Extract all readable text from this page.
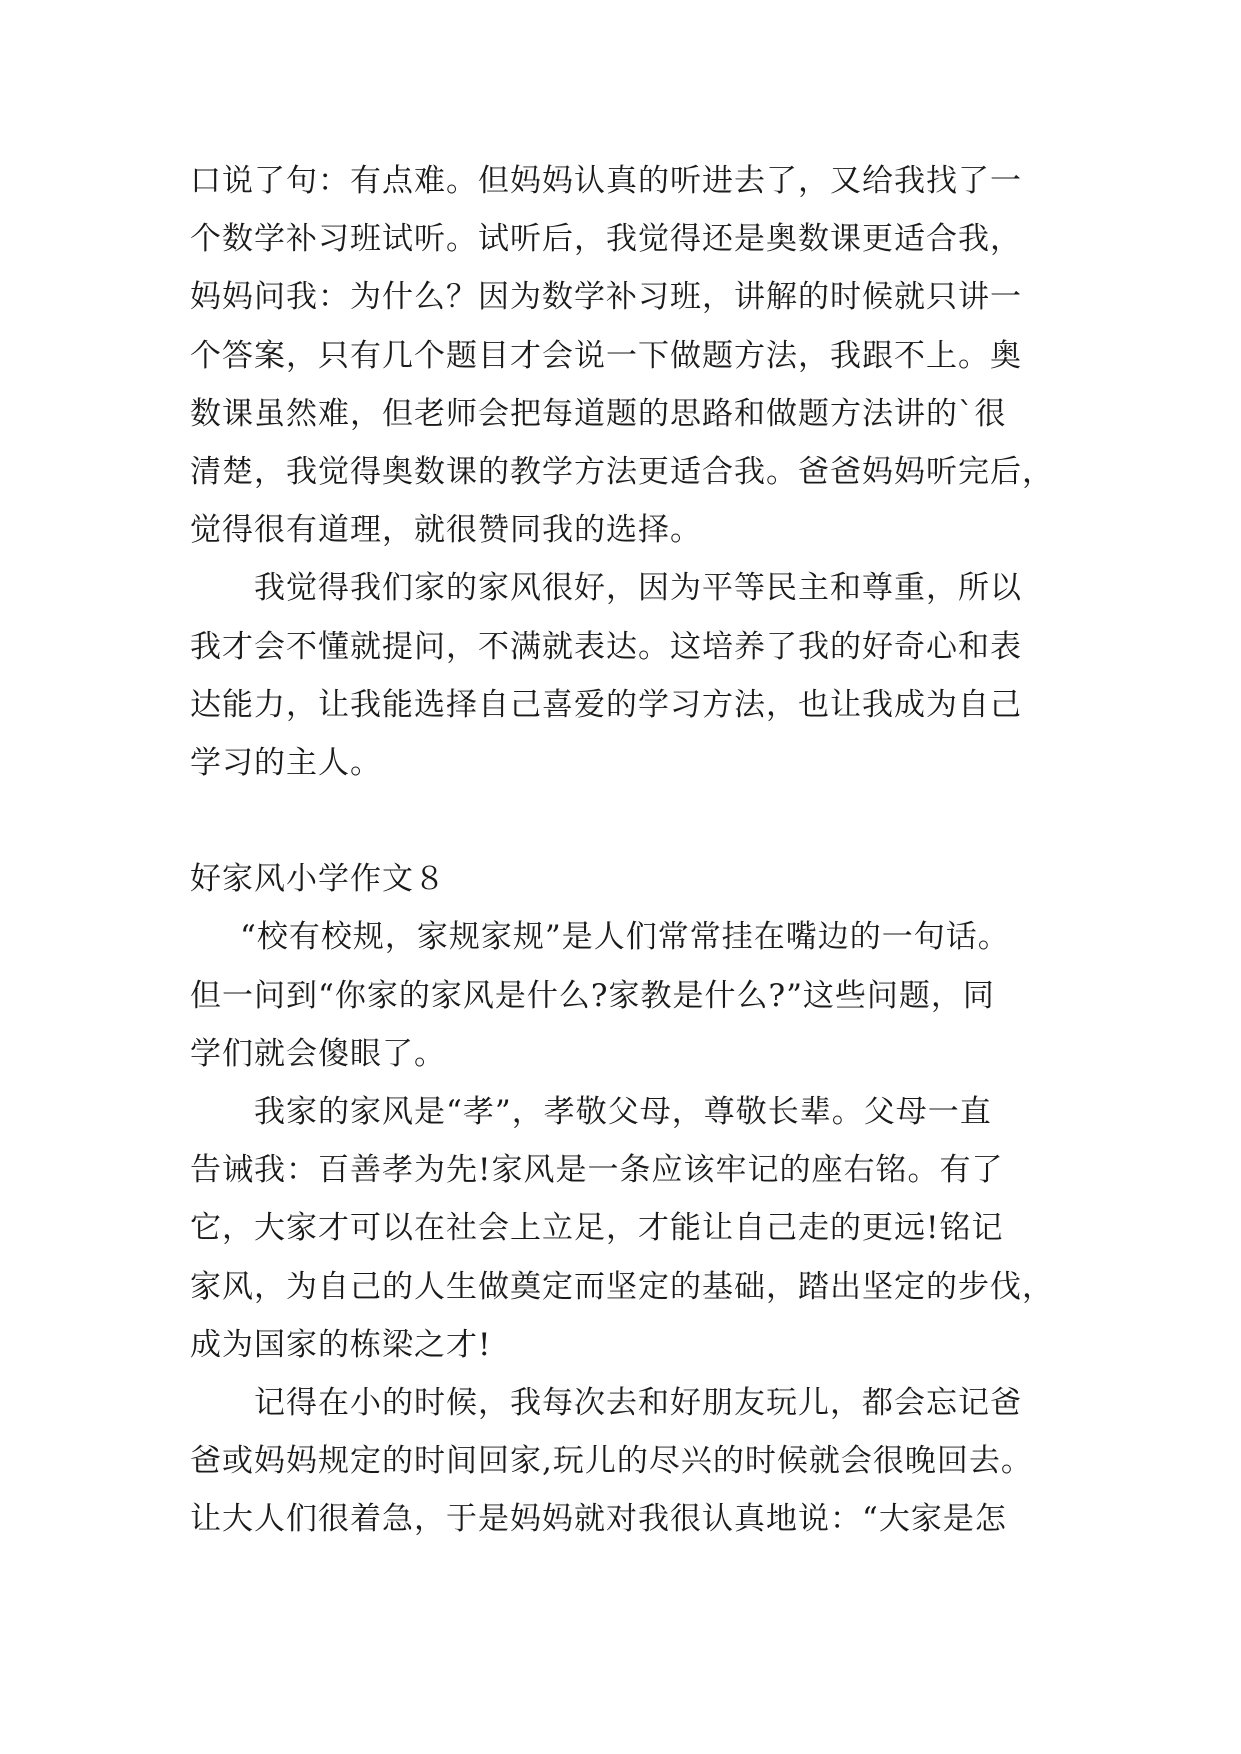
口说了句：有点难。但妈妈认真的听进去了，又给我找了一
个数学补习班试听。试听后，我觉得还是奥数课更适合我，
妈妈问我：为什么？因为数学补习班，讲解的时候就只讲一
个答案，只有几个题目才会说一下做题方法，我跟不上。奥
数课虽然难，但老师会把每道题的思路和做题方法讲的`很
清楚，我觉得奥数课的教学方法更适合我。爸爸妈妈听完后，
觉得很有道理，就很赞同我的选择。
我觉得我们家的家风很好，因为平等民主和尊重，所以
我才会不懂就提问，不满就表达。这培养了我的好奇心和表
达能力，让我能选择自己喜爱的学习方法，也让我成为自己
学习的主人。
好家风小学作文８
“校有校规，家规家规”是人们常常挂在嘴边的一句话。
但一问到“你家的家风是什么?家教是什么?”这些问题，同
学们就会傻眼了。
我家的家风是“孝”，孝敬父母，尊敬长辈。父母一直
告诫我：百善孝为先!家风是一条应该牢记的座右铭。有了
它，大家才可以在社会上立足，才能让自己走的更远!铭记
家风，为自己的人生做奠定而坚定的基础，踏出坚定的步伐，
成为国家的栋梁之才!
记得在小的时候，我每次去和好朋友玩儿，都会忘记爸
爸或妈妈规定的时间回家,玩儿的尽兴的时候就会很晚回去。
让大人们很着急，于是妈妈就对我很认真地说：“大家是怎
